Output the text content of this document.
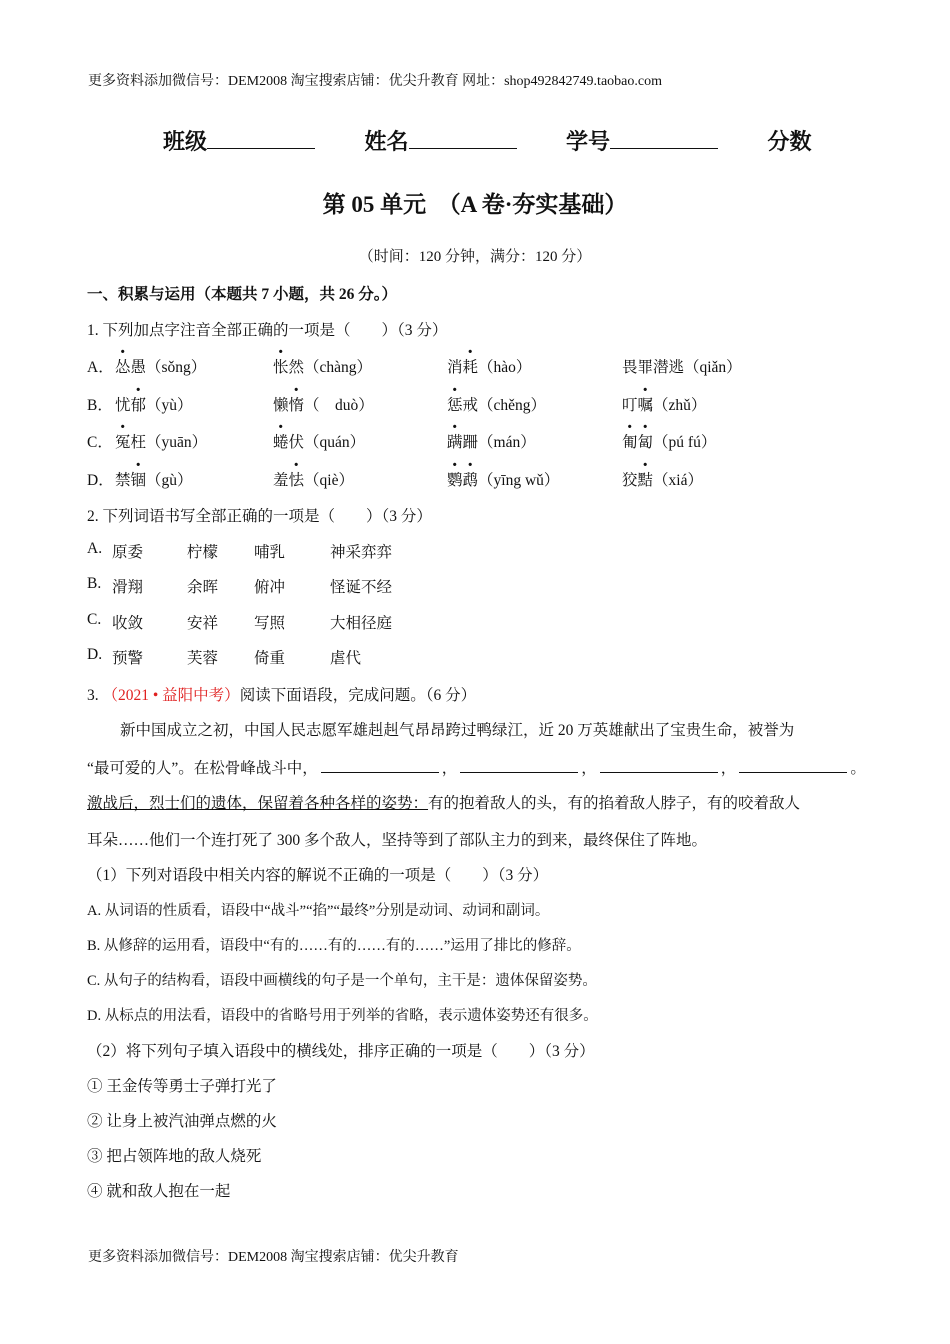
更多资料添加微信号：DEM2008 淘宝搜索店铺：优尖升教育 网址：shop492842749.taobao.com
班级	姓名	学号	分数
第 05 单元　（A 卷·夯实基础）
（时间：120 分钟，满分：120 分）
一、积累与运用（本题共 7 小题，共 26 分。）
1. 下列加点字注音全部正确的一项是（　　）（3 分）
A． 怂愚（sǒng）	怅然（chàng）	消耗（hào）	畏罪潜逃（qiǎn）
B． 忧郁（yù）	懒惰（　duò）	惩戒（chěng）	叮嘱（zhǔ）
C． 冤枉（yuān）	蜷伏（quán）	蹒跚（mán）	匍匐（pú fú）
D． 禁锢（gù）	羞怯（qiè）	鹦鹉（yīng wǔ）	狡黠（xiá）
2. 下列词语书写全部正确的一项是（　　）（3 分）
A. 原委	柠檬 哺乳	神采弈弈
B. 滑翔	余晖 俯冲	怪诞不经
C. 收敛	安祥 写照	大相径庭
D. 预警	芙蓉 倚重	虐代
3. （2021 • 益阳中考）阅读下面语段，完成问题。（6 分）
新中国成立之初，中国人民志愿军雄赳赳气昂昂跨过鸭绿江，近 20 万英雄献出了宝贵生命，被誉为
“最可爱的人”。在松骨峰战斗中，	，	，	，	。
激战后，烈士们的遗体，保留着各种各样的姿势：有的抱着敌人的头，有的掐着敌人脖子，有的咬着敌人
耳朵……他们一个连打死了 300 多个敌人，坚持等到了部队主力的到来，最终保住了阵地。
（1）下列对语段中相关内容的解说不正确的一项是（　　）（3 分）
A. 从词语的性质看，语段中“战斗”“掐”“最终”分别是动词、动词和副词。
B. 从修辞的运用看，语段中“有的……有的……有的……”运用了排比的修辞。
C. 从句子的结构看，语段中画横线的句子是一个单句，主干是：遗体保留姿势。
D. 从标点的用法看，语段中的省略号用于列举的省略，表示遗体姿势还有很多。
（2）将下列句子填入语段中的横线处，排序正确的一项是（　　）（3 分）
① 王金传等勇士子弹打光了
② 让身上被汽油弹点燃的火
③ 把占领阵地的敌人烧死
④ 就和敌人抱在一起
更多资料添加微信号：DEM2008 淘宝搜索店铺：优尖升教育
